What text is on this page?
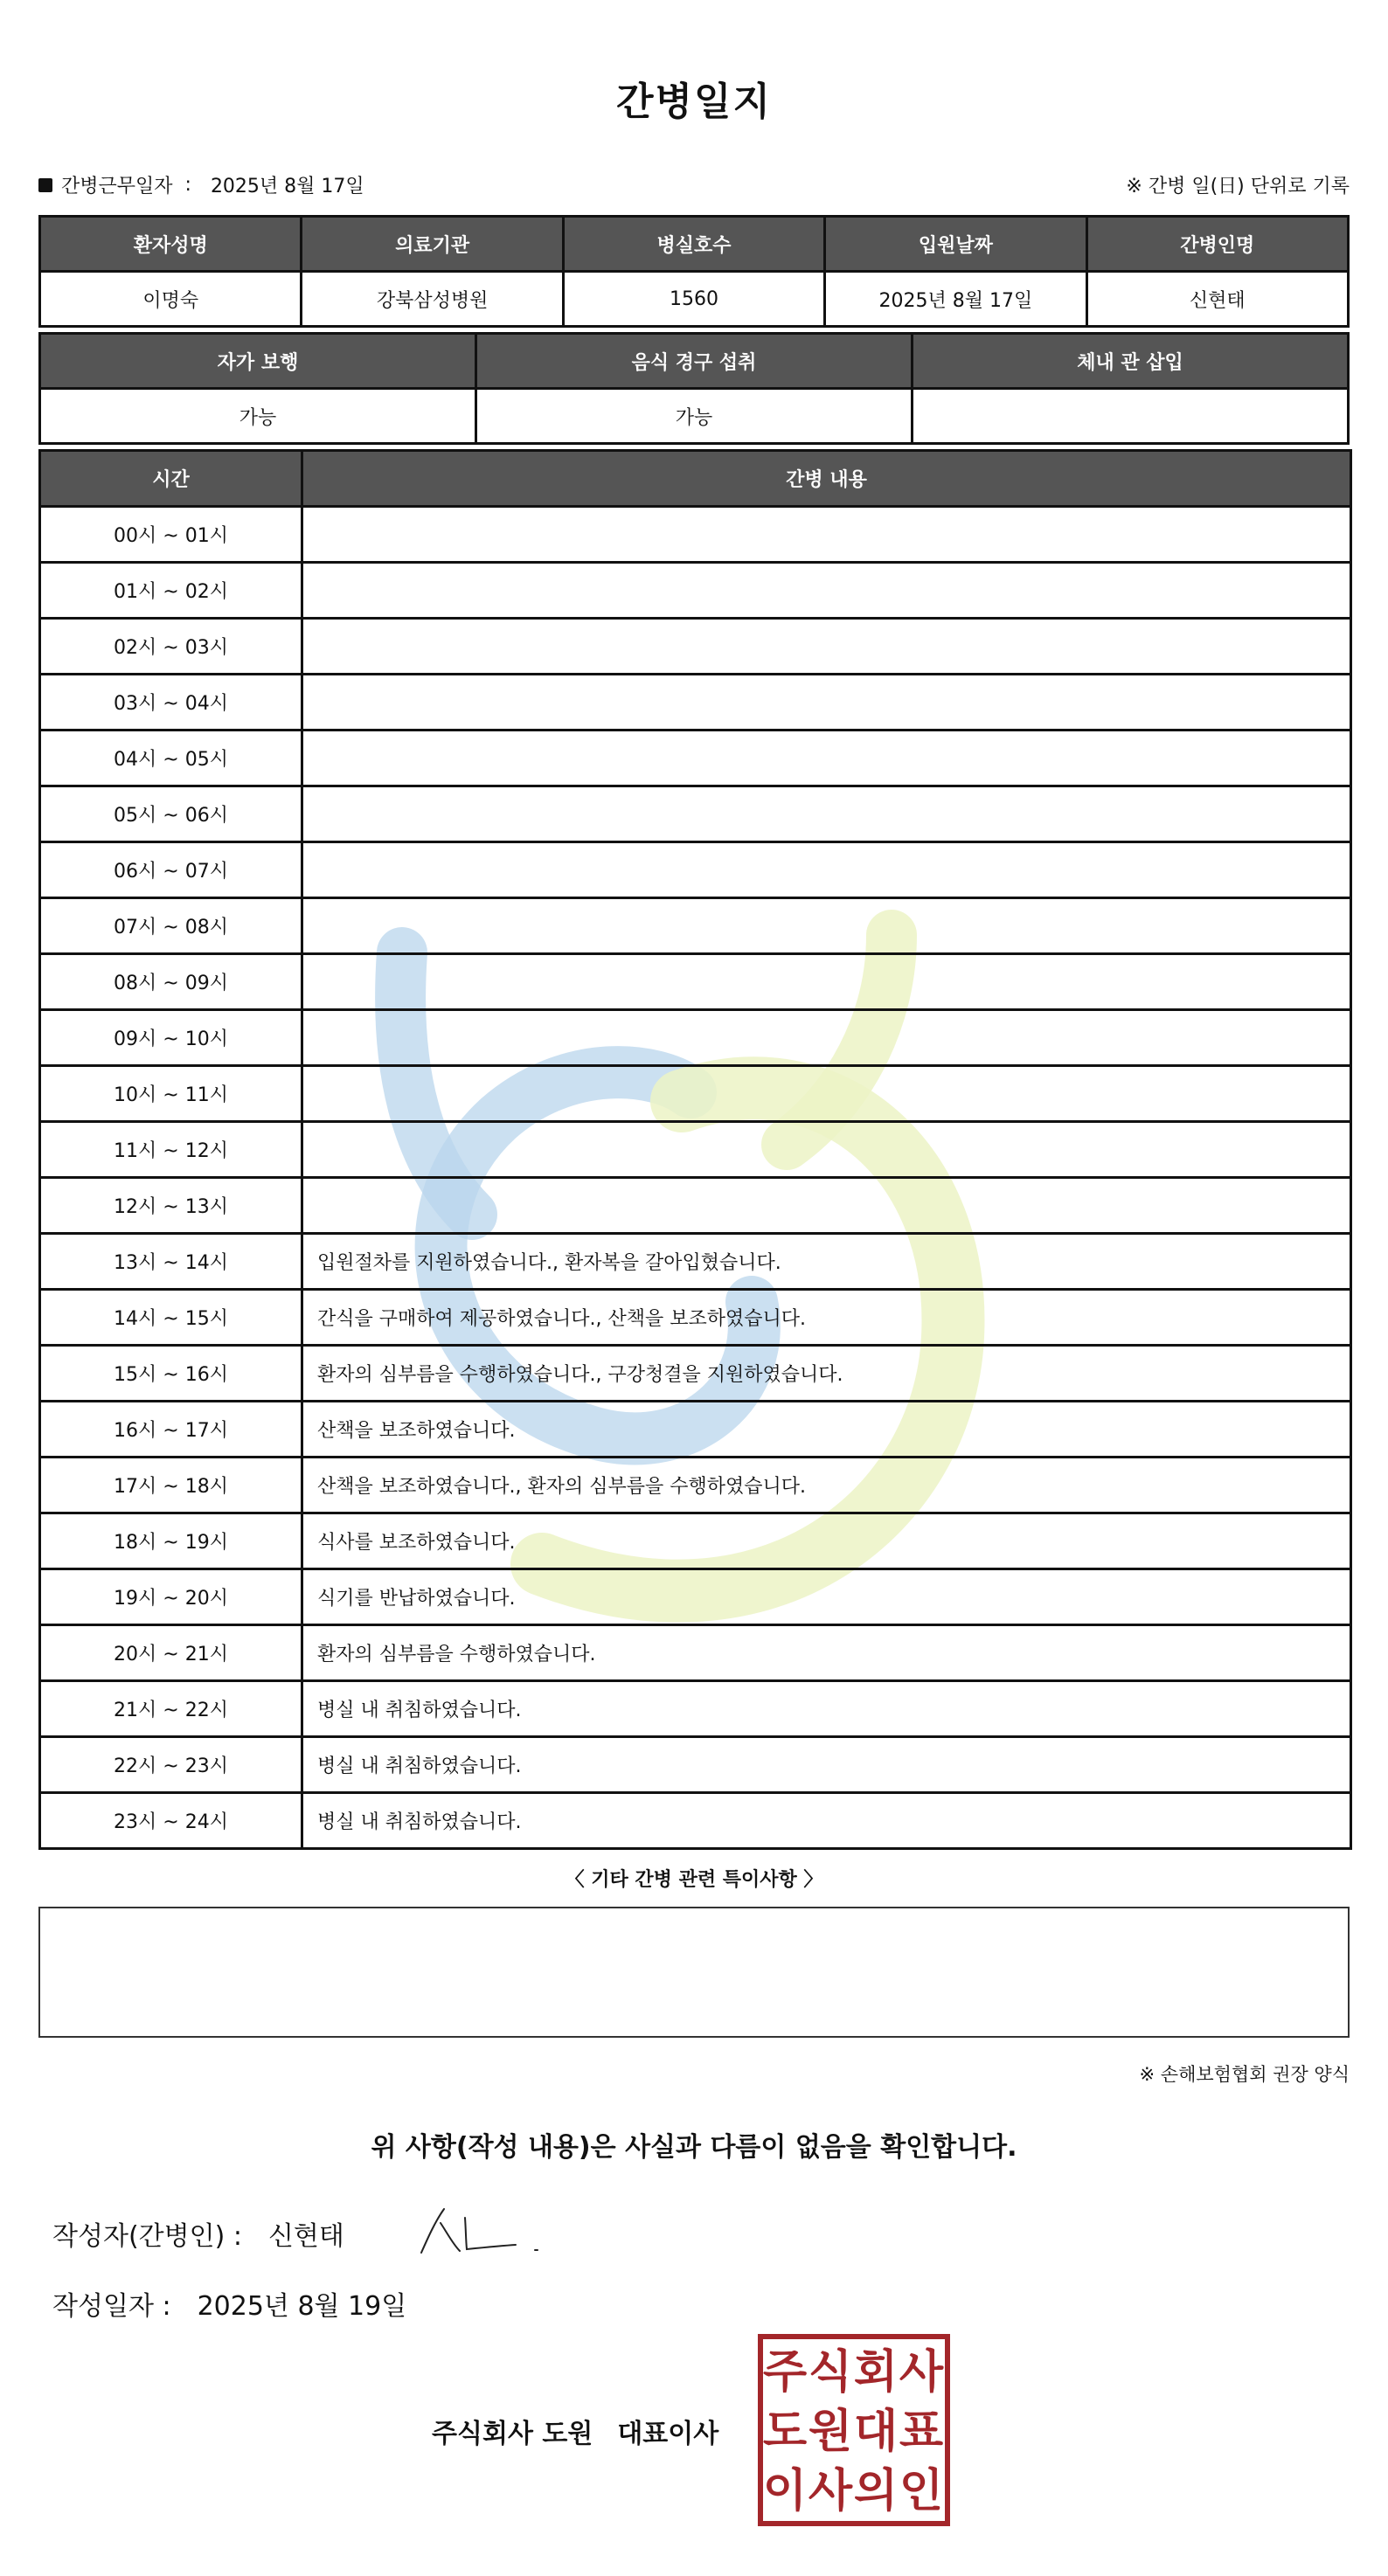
간병일지
간병근무일자 : 2025년 8월 17일	※ 간병 일(日) 단위로 기록
환자성명	의료기관	병실호수	입원날짜	간병인명
이명숙	강북삼성병원	1560	2025년 8월 17일	신현태
자가 보행	음식 경구 섭취	체내 관 삽입
가능	가능	
시간	간병 내용
00시 ~ 01시	
01시 ~ 02시	
02시 ~ 03시	
03시 ~ 04시	
04시 ~ 05시	
05시 ~ 06시	
06시 ~ 07시	
07시 ~ 08시	
08시 ~ 09시	
09시 ~ 10시	
10시 ~ 11시	
11시 ~ 12시	
12시 ~ 13시	
13시 ~ 14시	입원절차를 지원하였습니다., 환자복을 갈아입혔습니다.
14시 ~ 15시	간식을 구매하여 제공하였습니다., 산책을 보조하였습니다.
15시 ~ 16시	환자의 심부름을 수행하였습니다., 구강청결을 지원하였습니다.
16시 ~ 17시	산책을 보조하였습니다.
17시 ~ 18시	산책을 보조하였습니다., 환자의 심부름을 수행하였습니다.
18시 ~ 19시	식사를 보조하였습니다.
19시 ~ 20시	식기를 반납하였습니다.
20시 ~ 21시	환자의 심부름을 수행하였습니다.
21시 ~ 22시	병실 내 취침하였습니다.
22시 ~ 23시	병실 내 취침하였습니다.
23시 ~ 24시	병실 내 취침하였습니다.
〈 기타 간병 관련 특이사항 〉
※ 손해보험협회 권장 양식
위 사항(작성 내용)은 사실과 다름이 없음을 확인합니다.
작성자(간병인) : 신현태
작성일자 : 2025년 8월 19일
주식회사 도원 대표이사
주 식 회 사
도 원 대 표
이 사 의 인
